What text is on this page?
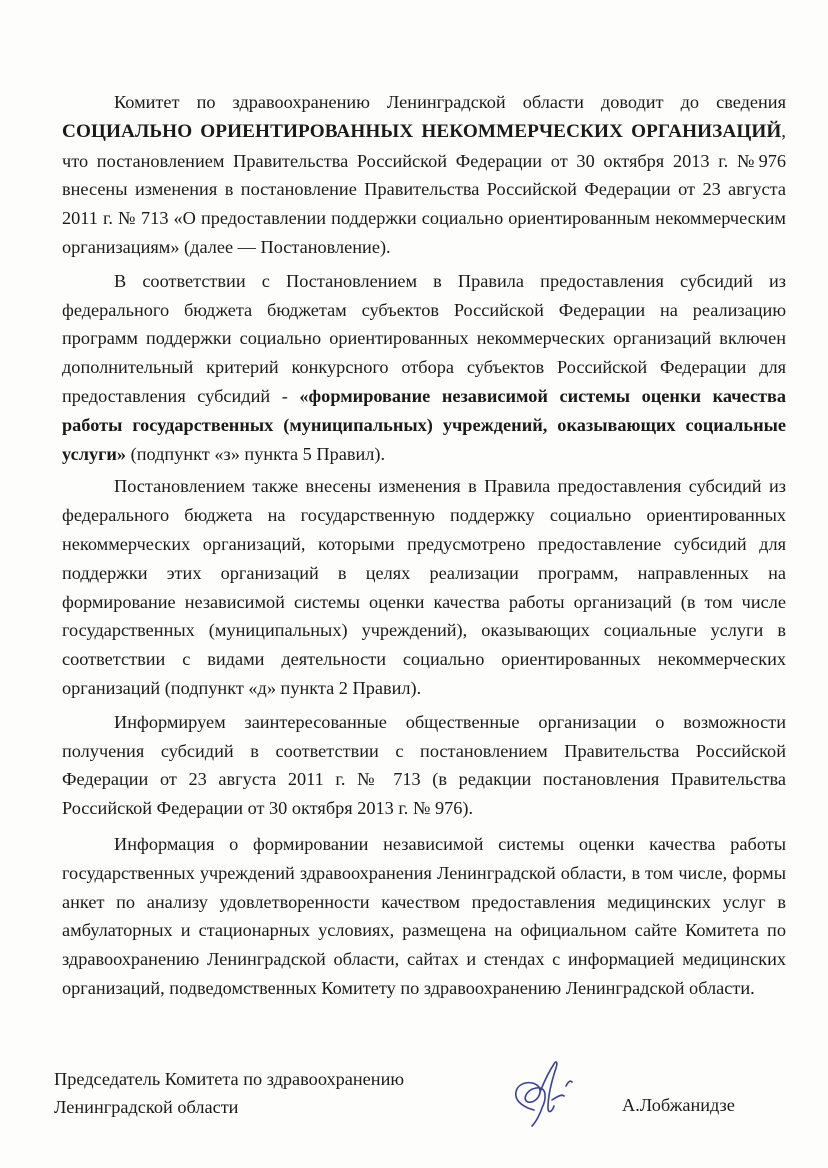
Комитет по здравоохранению Ленинградской области доводит до сведения СОЦИАЛЬНО ОРИЕНТИРОВАННЫХ НЕКОММЕРЧЕСКИХ ОРГАНИЗАЦИЙ, что постановлением Правительства Российской Федерации от 30 октября 2013 г. №976 внесены изменения в постановление Правительства Российской Федерации от 23 августа 2011 г. № 713 «О предоставлении поддержки социально ориентированным некоммерческим организациям» (далее — Постановление).

В соответствии с Постановлением в Правила предоставления субсидий из федерального бюджета бюджетам субъектов Российской Федерации на реализацию программ поддержки социально ориентированных некоммерческих организаций включен дополнительный критерий конкурсного отбора субъектов Российской Федерации для предоставления субсидий - «формирование независимой системы оценки качества работы государственных (муниципальных) учреждений, оказывающих социальные услуги» (подпункт «з» пункта 5 Правил).

Постановлением также внесены изменения в Правила предоставления субсидий из федерального бюджета на государственную поддержку социально ориентированных некоммерческих организаций, которыми предусмотрено предоставление субсидий для поддержки этих организаций в целях реализации программ, направленных на формирование независимой системы оценки качества работы организаций (в том числе государственных (муниципальных) учреждений), оказывающих социальные услуги в соответствии с видами деятельности социально ориентированных некоммерческих организаций (подпункт «д» пункта 2 Правил).

Информируем заинтересованные общественные организации о возможности получения субсидий в соответствии с постановлением Правительства Российской Федерации от 23 августа 2011 г. № 713 (в редакции постановления Правительства Российской Федерации от 30 октября 2013 г. № 976).

Информация о формировании независимой системы оценки качества работы государственных учреждений здравоохранения Ленинградской области, в том числе, формы анкет по анализу удовлетворенности качеством предоставления медицинских услуг в амбулаторных и стационарных условиях, размещена на официальном сайте Комитета по здравоохранению Ленинградской области, сайтах и стендах с информацией медицинских организаций, подведомственных Комитету по здравоохранению Ленинградской области.

Председатель Комитета по здравоохранению
Ленинградской области	А.Лобжанидзе
